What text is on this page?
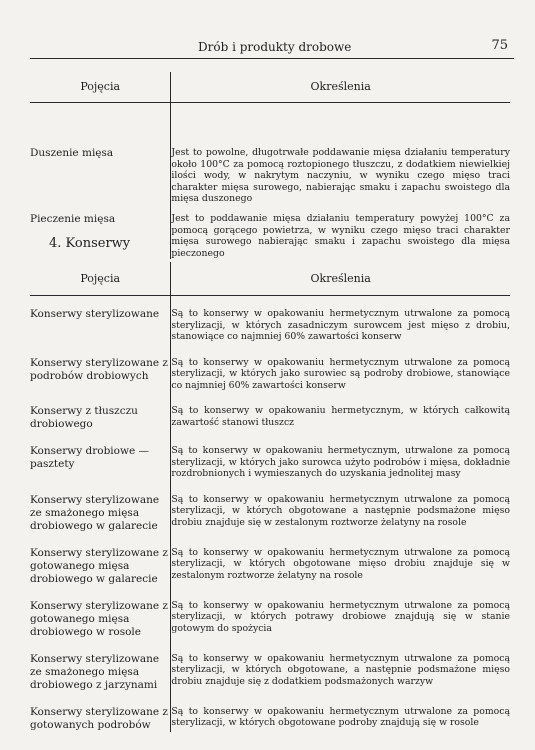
Drób i produkty drobowe	75
Pojęcia	Określenia
Duszenie mięsa	Jest to powolne, długotrwałe poddawanie mięsa działaniu temperatury około 100°C za pomocą roztopionego tłuszczu, z dodatkiem niewielkiej ilości wody, w nakrytym naczyniu, w wyniku czego mięso traci charakter mięsa surowego, nabierając smaku i zapachu swoistego dla mięsa duszonego
Pieczenie mięsa	Jest to poddawanie mięsa działaniu temperatury powyżej 100°C za pomocą gorącego powietrza, w wyniku czego mięso traci charakter mięsa surowego nabierając smaku i zapachu swoistego dla mięsa pieczonego
4. Konserwy
Pojęcia	Określenia
Konserwy sterylizowane	Są to konserwy w opakowaniu hermetycznym utrwalone za pomocą sterylizacji, w których zasadniczym surowcem jest mięso z drobiu, stanowiące co najmniej 60% zawartości konserw
Konserwy sterylizowane z podrobów drobiowych	Są to konserwy w opakowaniu hermetycznym utrwalone za pomocą sterylizacji, w których jako surowiec są podroby drobiowe, stanowiące co najmniej 60% zawartości konserw
Konserwy z tłuszczu drobiowego	Są to konserwy w opakowaniu hermetycznym, w których całkowitą zawartość stanowi tłuszcz
Konserwy drobiowe — pasztety	Są to konserwy w opakowaniu hermetycznym, utrwalone za pomocą sterylizacji, w których jako surowca użyto podrobów i mięsa, dokładnie rozdrobnionych i wymieszanych do uzyskania jednolitej masy
Konserwy sterylizowane ze smażonego mięsa drobiowego w galarecie	Są to konserwy w opakowaniu hermetycznym utrwalone za pomocą sterylizacji, w których obgotowane a następnie podsmażone mięso drobiu znajduje się w zestalonym roztworze żelatyny na rosole
Konserwy sterylizowane z gotowanego mięsa drobiowego w galarecie	Są to konserwy w opakowaniu hermetycznym utrwalone za pomocą sterylizacji, w których obgotowane mięso drobiu znajduje się w zestalonym roztworze żelatyny na rosole
Konserwy sterylizowane z gotowanego mięsa drobiowego w rosole	Są to konserwy w opakowaniu hermetycznym utrwalone za pomocą sterylizacji, w których potrawy drobiowe znajdują się w stanie gotowym do spożycia
Konserwy sterylizowane ze smażonego mięsa drobiowego z jarzynami	Są to konserwy w opakowaniu hermetycznym utrwalone za pomocą sterylizacji, w których obgotowane, a następnie podsmażone mięso drobiu znajduje się z dodatkiem podsmażonych warzyw
Konserwy sterylizowane z gotowanych podrobów	Są to konserwy w opakowaniu hermetycznym utrwalone za pomocą sterylizacji, w których obgotowane podroby znajdują się w rosole
